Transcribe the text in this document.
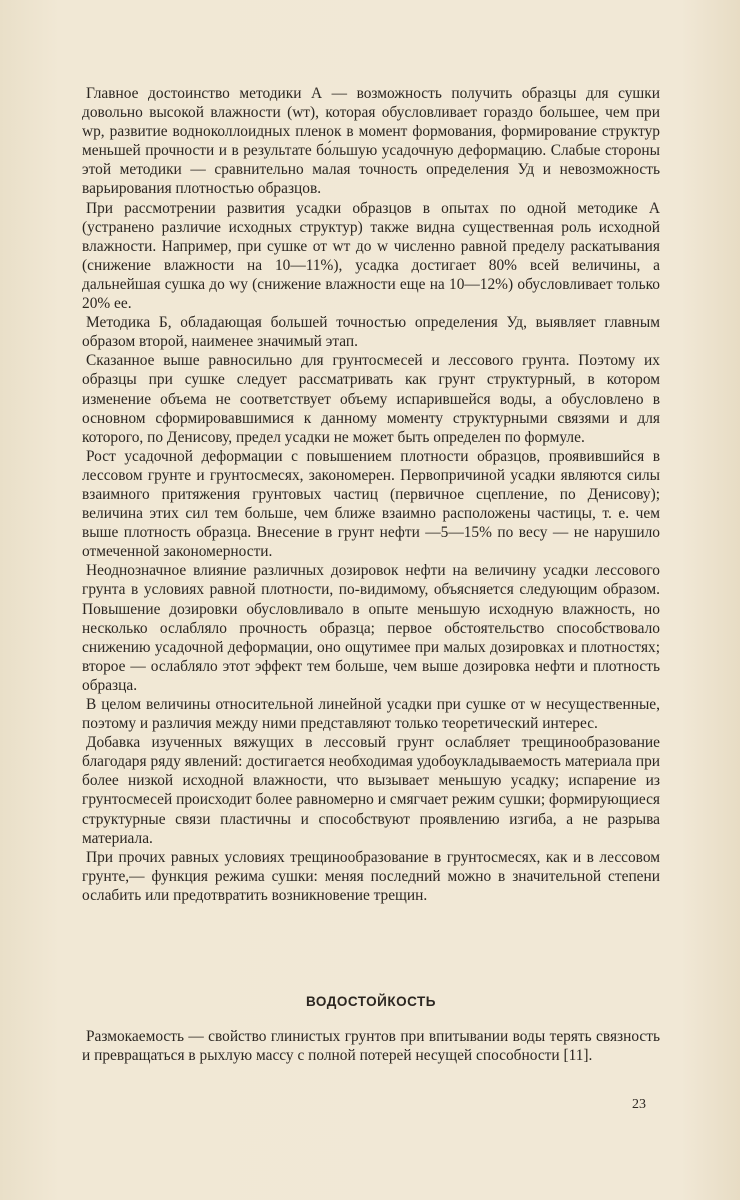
Главное достоинство методики А — возможность получить образцы для сушки довольно высокой влажности (wт), которая обусловливает гораздо большее, чем при wр, развитие водноколлоидных пленок в момент формования, формирование структур меньшей прочности и в результате бо́льшую усадочную деформацию. Слабые стороны этой методики — сравнительно малая точность определения Уд и невозможность варьирования плотностью образцов.

При рассмотрении развития усадки образцов в опытах по одной методике А (устранено различие исходных структур) также видна существенная роль исходной влажности. Например, при сушке от wт до w численно равной пределу раскатывания (снижение влажности на 10—11%), усадка достигает 80% всей величины, а дальнейшая сушка до wу (снижение влажности еще на 10—12%) обусловливает только 20% ее.

Методика Б, обладающая большей точностью определения Уд, выявляет главным образом второй, наименее значимый этап.

Сказанное выше равносильно для грунтосмесей и лессового грунта. Поэтому их образцы при сушке следует рассматривать как грунт структурный, в котором изменение объема не соответствует объему испарившейся воды, а обусловлено в основном сформировавшимися к данному моменту структурными связями и для которого, по Денисову, предел усадки не может быть определен по формуле.

Рост усадочной деформации с повышением плотности образцов, проявившийся в лессовом грунте и грунтосмесях, закономерен. Первопричиной усадки являются силы взаимного притяжения грунтовых частиц (первичное сцепление, по Денисову); величина этих сил тем больше, чем ближе взаимно расположены частицы, т. е. чем выше плотность образца. Внесение в грунт нефти —5—15% по весу — не нарушило отмеченной закономерности.

Неоднозначное влияние различных дозировок нефти на величину усадки лессового грунта в условиях равной плотности, по-видимому, объясняется следующим образом. Повышение дозировки обусловливало в опыте меньшую исходную влажность, но несколько ослабляло прочность образца; первое обстоятельство способствовало снижению усадочной деформации, оно ощутимее при малых дозировках и плотностях; второе — ослабляло этот эффект тем больше, чем выше дозировка нефти и плотность образца.

В целом величины относительной линейной усадки при сушке от w несущественные, поэтому и различия между ними представляют только теоретический интерес.

Добавка изученных вяжущих в лессовый грунт ослабляет трещинообразование благодаря ряду явлений: достигается необходимая удобоукладываемость материала при более низкой исходной влажности, что вызывает меньшую усадку; испарение из грунтосмесей происходит более равномерно и смягчает режим сушки; формирующиеся структурные связи пластичны и способствуют проявлению изгиба, а не разрыва материала.

При прочих равных условиях трещинообразование в грунтосмесях, как и в лессовом грунте,— функция режима сушки: меняя последний можно в значительной степени ослабить или предотвратить возникновение трещин.

ВОДОСТОЙКОСТЬ

Размокаемость — свойство глинистых грунтов при впитывании воды терять связность и превращаться в рыхлую массу с полной потерей несущей способности [11].

23
